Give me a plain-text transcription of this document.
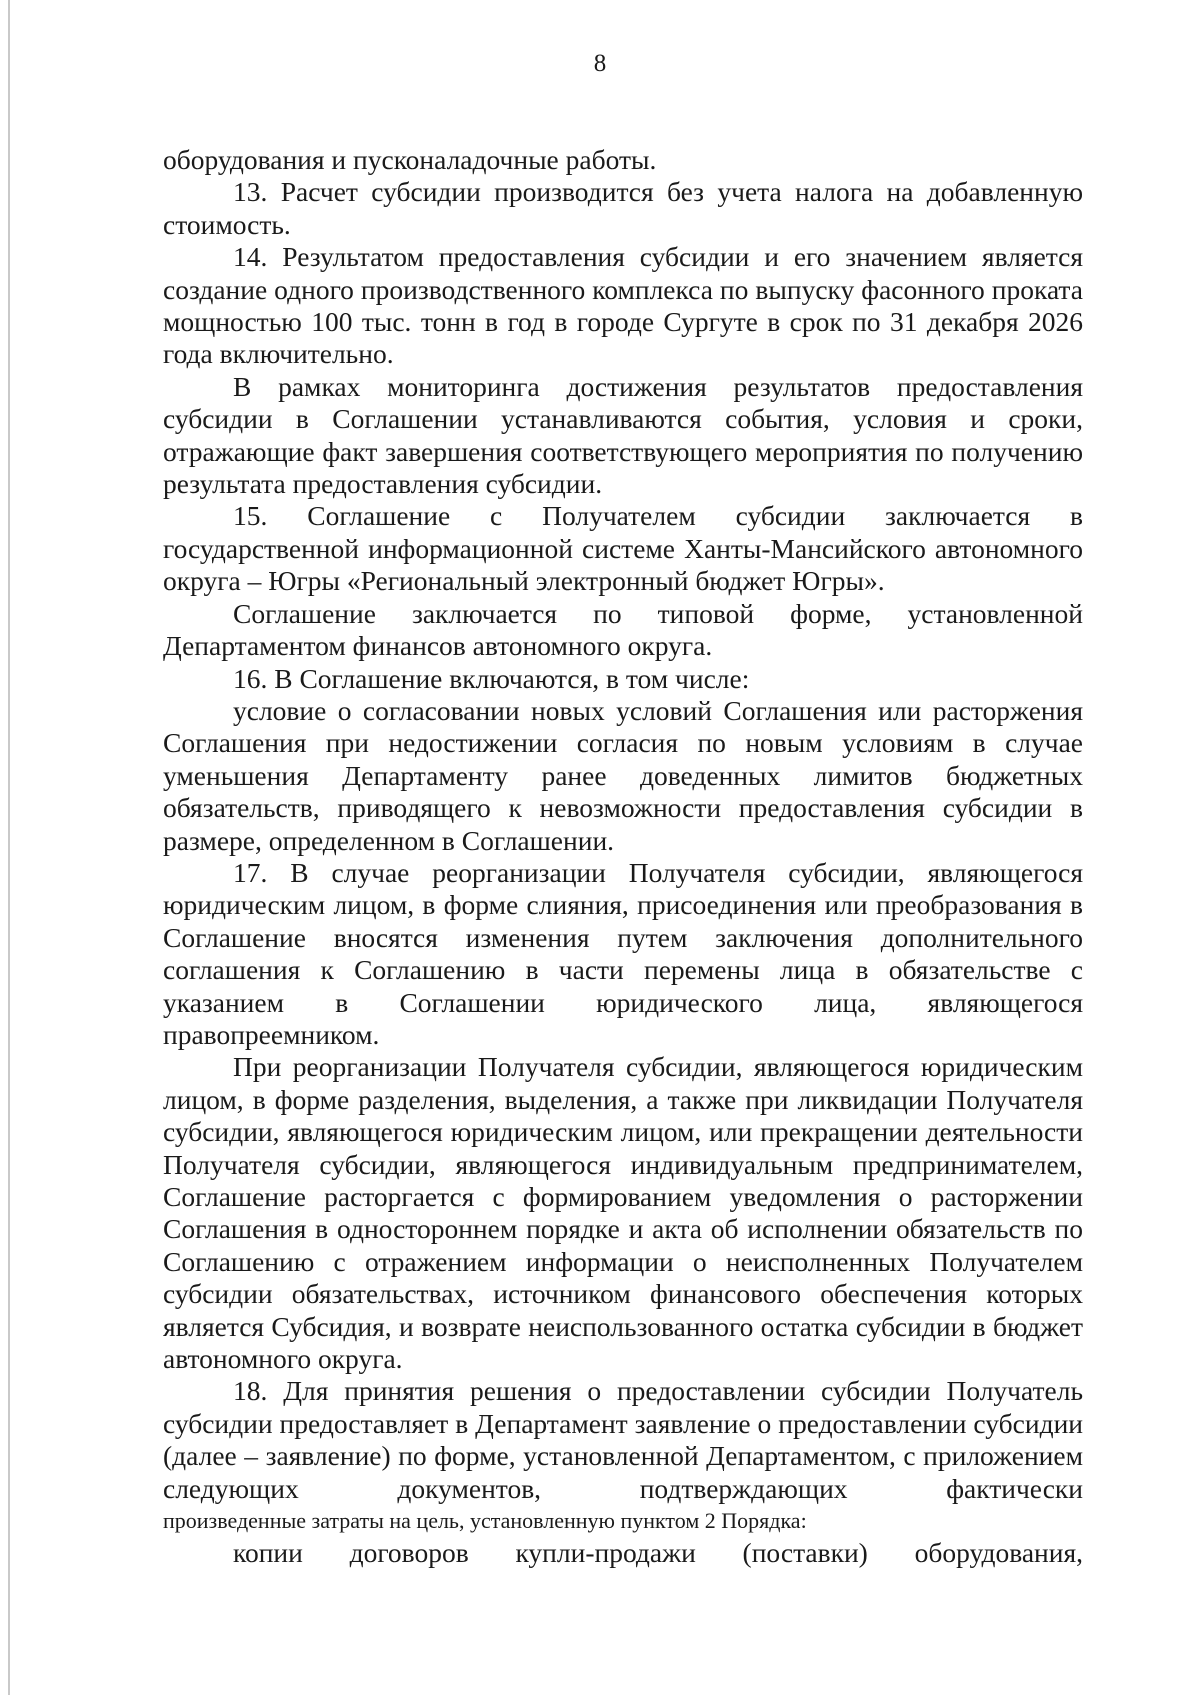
8

оборудования и пусконаладочные работы.

13. Расчет субсидии производится без учета налога на добавленную стоимость.

14. Результатом предоставления субсидии и его значением является создание одного производственного комплекса по выпуску фасонного проката мощностью 100 тыс. тонн в год в городе Сургуте в срок по 31 декабря 2026 года включительно.

В рамках мониторинга достижения результатов предоставления субсидии в Соглашении устанавливаются события, условия и сроки, отражающие факт завершения соответствующего мероприятия по получению результата предоставления субсидии.

15. Соглашение с Получателем субсидии заключается в государственной информационной системе Ханты-Мансийского автономного округа – Югры «Региональный электронный бюджет Югры».

Соглашение заключается по типовой форме, установленной Департаментом финансов автономного округа.

16. В Соглашение включаются, в том числе:

условие о согласовании новых условий Соглашения или расторжения Соглашения при недостижении согласия по новым условиям в случае уменьшения Департаменту ранее доведенных лимитов бюджетных обязательств, приводящего к невозможности предоставления субсидии в размере, определенном в Соглашении.

17. В случае реорганизации Получателя субсидии, являющегося юридическим лицом, в форме слияния, присоединения или преобразования в Соглашение вносятся изменения путем заключения дополнительного соглашения к Соглашению в части перемены лица в обязательстве с указанием в Соглашении юридического лица, являющегося правопреемником.

При реорганизации Получателя субсидии, являющегося юридическим лицом, в форме разделения, выделения, а также при ликвидации Получателя субсидии, являющегося юридическим лицом, или прекращении деятельности Получателя субсидии, являющегося индивидуальным предпринимателем, Соглашение расторгается с формированием уведомления о расторжении Соглашения в одностороннем порядке и акта об исполнении обязательств по Соглашению с отражением информации о неисполненных Получателем субсидии обязательствах, источником финансового обеспечения которых является Субсидия, и возврате неиспользованного остатка субсидии в бюджет автономного округа.

18. Для принятия решения о предоставлении субсидии Получатель субсидии предоставляет в Департамент заявление о предоставлении субсидии (далее – заявление) по форме, установленной Департаментом, с приложением следующих документов, подтверждающих фактически

произведенные затраты на цель, установленную пунктом 2 Порядка:

копии договоров купли-продажи (поставки) оборудования,
